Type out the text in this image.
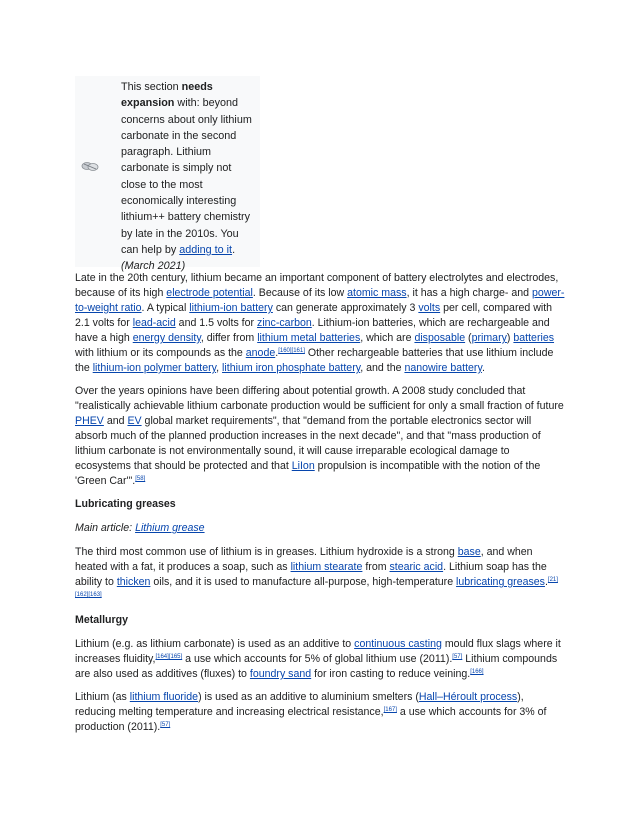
This section needs expansion with: beyond concerns about only lithium carbonate in the second paragraph. Lithium carbonate is simply not close to the most economically interesting lithium++ battery chemistry by late in the 2010s. You can help by adding to it. (March 2021)

Late in the 20th century, lithium became an important component of battery electrolytes and electrodes, because of its high electrode potential. Because of its low atomic mass, it has a high charge- and power-to-weight ratio. A typical lithium-ion battery can generate approximately 3 volts per cell, compared with 2.1 volts for lead-acid and 1.5 volts for zinc-carbon. Lithium-ion batteries, which are rechargeable and have a high energy density, differ from lithium metal batteries, which are disposable (primary) batteries with lithium or its compounds as the anode.[160][161] Other rechargeable batteries that use lithium include the lithium-ion polymer battery, lithium iron phosphate battery, and the nanowire battery.

Over the years opinions have been differing about potential growth. A 2008 study concluded that "realistically achievable lithium carbonate production would be sufficient for only a small fraction of future PHEV and EV global market requirements", that "demand from the portable electronics sector will absorb much of the planned production increases in the next decade", and that "mass production of lithium carbonate is not environmentally sound, it will cause irreparable ecological damage to ecosystems that should be protected and that LiIon propulsion is incompatible with the notion of the 'Green Car'".[58]

Lubricating greases
Main article: Lithium grease

The third most common use of lithium is in greases. Lithium hydroxide is a strong base, and when heated with a fat, it produces a soap, such as lithium stearate from stearic acid. Lithium soap has the ability to thicken oils, and it is used to manufacture all-purpose, high-temperature lubricating greases.[21][162][163]

Metallurgy

Lithium (e.g. as lithium carbonate) is used as an additive to continuous casting mould flux slags where it increases fluidity,[164][165] a use which accounts for 5% of global lithium use (2011).[57] Lithium compounds are also used as additives (fluxes) to foundry sand for iron casting to reduce veining.[166]

Lithium (as lithium fluoride) is used as an additive to aluminium smelters (Hall–Héroult process), reducing melting temperature and increasing electrical resistance,[167] a use which accounts for 3% of production (2011).[57]
